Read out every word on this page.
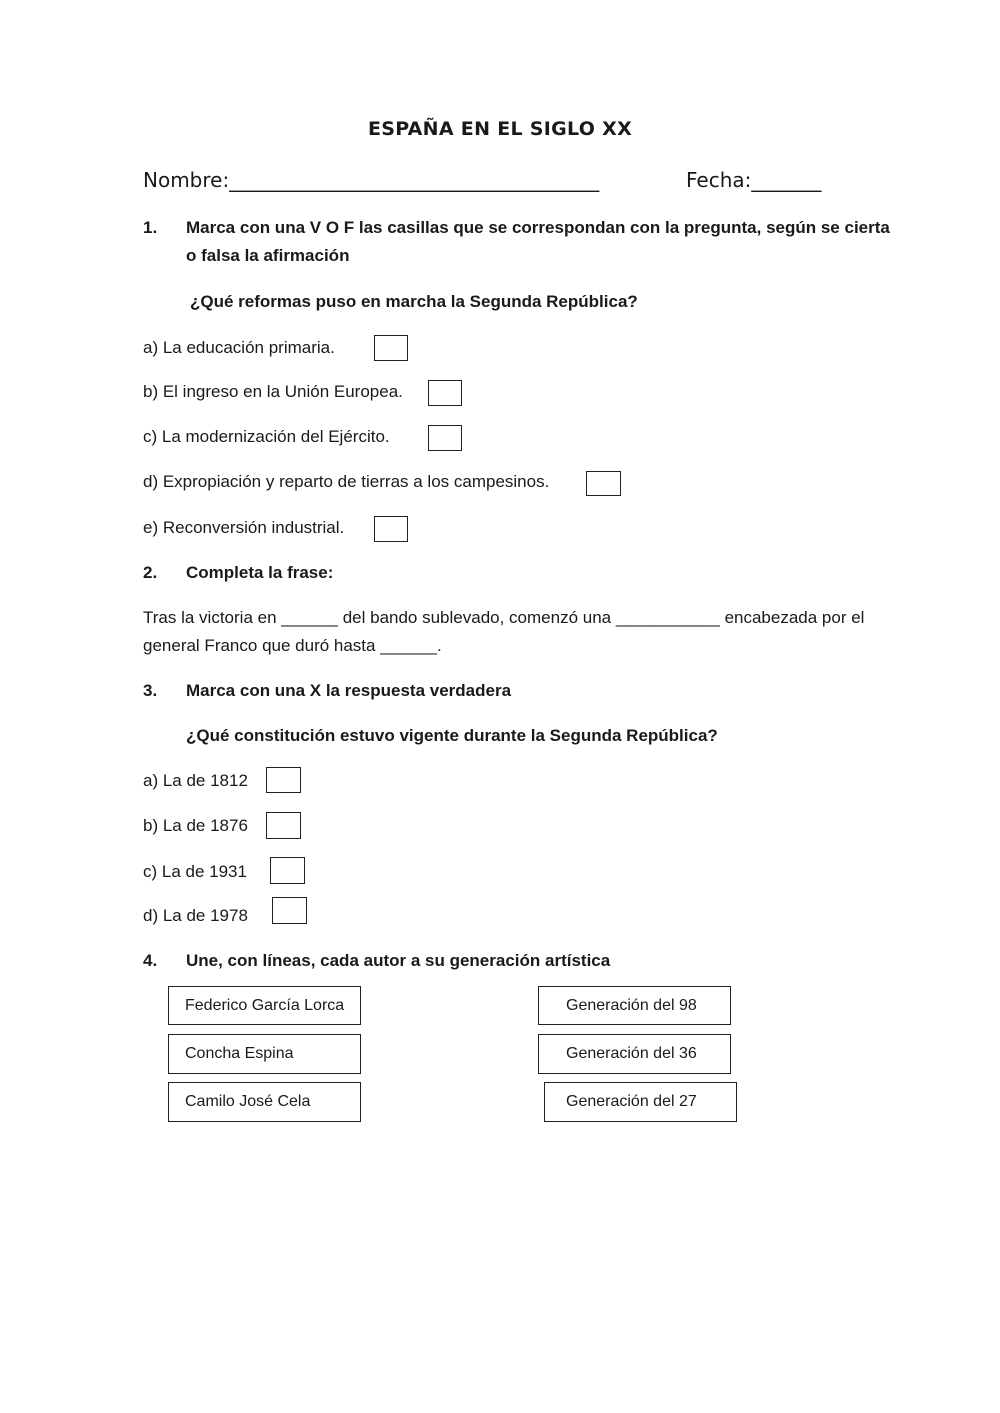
ESPAÑA EN EL SIGLO XX
Nombre:_____________________________________	Fecha:_______
1. Marca con una V O F las casillas que se correspondan con la pregunta, según se cierta
o falsa la afirmación
¿Qué reformas puso en marcha la Segunda República?
a) La educación primaria.
b) El ingreso en la Unión Europea.
c) La modernización del Ejército.
d) Expropiación y reparto de tierras a los campesinos.
e) Reconversión industrial.
2. Completa la frase:
Tras la victoria en ______ del bando sublevado, comenzó una ___________ encabezada por el
general Franco que duró hasta ______.
3. Marca con una X la respuesta verdadera
¿Qué constitución estuvo vigente durante la Segunda República?
a) La de 1812
b) La de 1876
c) La de 1931
d) La de 1978
4. Une, con líneas, cada autor a su generación artística
Federico García Lorca
Concha Espina
Camilo José Cela
Generación del 98
Generación del 36
Generación del 27
